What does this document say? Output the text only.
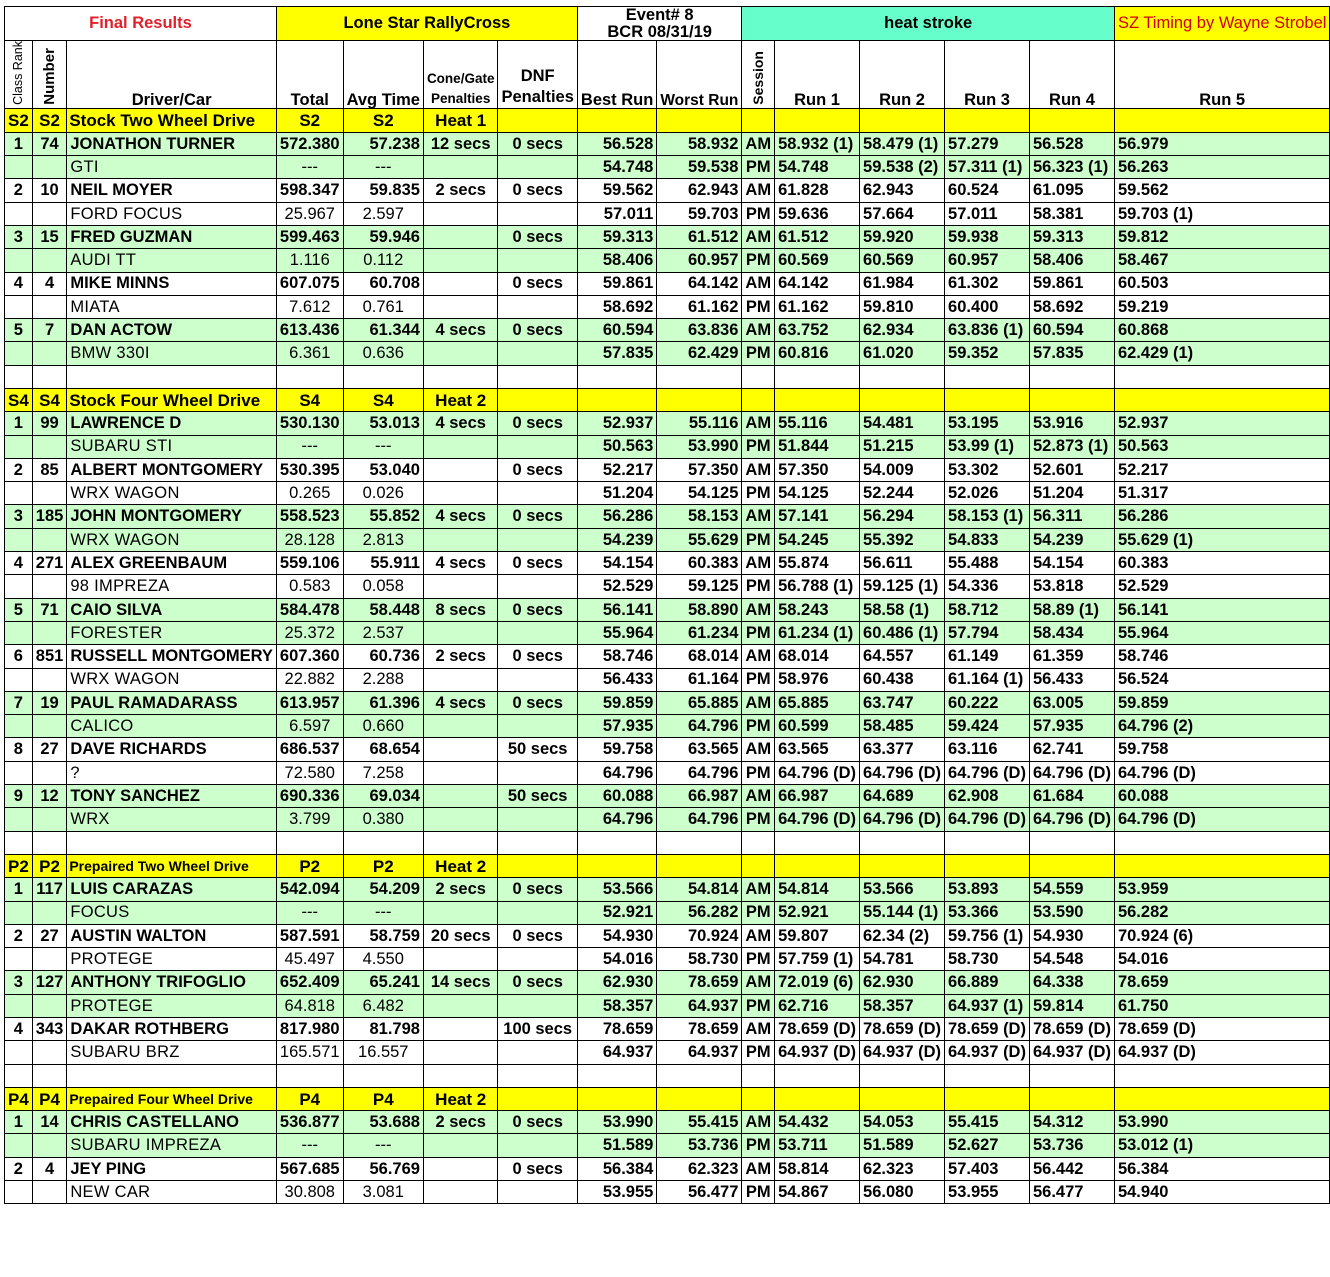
Final Results			Lone Star RallyCross				Event# 8
BCR 08/31/19		heat stroke					SZ Timing by Wayne Strobel
Class Rank	Number	Driver/Car	Total	Avg Time	Cone/Gate Penalties	DNF Penalties	Best Run	Worst Run	Session	Run 1	Run 2	Run 3	Run 4	Run 5
S2	S2	Stock Two Wheel Drive	S2	S2	Heat 1									
1	74	JONATHON TURNER	572.380	57.238	12 secs	0 secs	56.528	58.932	AM	58.932 (1)	58.479 (1)	57.279	56.528	56.979
		GTI	---	---			54.748	59.538	PM	54.748	59.538 (2)	57.311 (1)	56.323 (1)	56.263
2	10	NEIL MOYER	598.347	59.835	2 secs	0 secs	59.562	62.943	AM	61.828	62.943	60.524	61.095	59.562
		FORD FOCUS	25.967	2.597			57.011	59.703	PM	59.636	57.664	57.011	58.381	59.703 (1)
3	15	FRED GUZMAN	599.463	59.946		0 secs	59.313	61.512	AM	61.512	59.920	59.938	59.313	59.812
		AUDI TT	1.116	0.112			58.406	60.957	PM	60.569	60.569	60.957	58.406	58.467
4	4	MIKE MINNS	607.075	60.708		0 secs	59.861	64.142	AM	64.142	61.984	61.302	59.861	60.503
		MIATA	7.612	0.761			58.692	61.162	PM	61.162	59.810	60.400	58.692	59.219
5	7	DAN ACTOW	613.436	61.344	4 secs	0 secs	60.594	63.836	AM	63.752	62.934	63.836 (1)	60.594	60.868
		BMW 330I	6.361	0.636			57.835	62.429	PM	60.816	61.020	59.352	57.835	62.429 (1)

S4	S4	Stock Four Wheel Drive	S4	S4	Heat 2									
1	99	LAWRENCE D	530.130	53.013	4 secs	0 secs	52.937	55.116	AM	55.116	54.481	53.195	53.916	52.937
		SUBARU STI	---	---			50.563	53.990	PM	51.844	51.215	53.99 (1)	52.873 (1)	50.563
2	85	ALBERT MONTGOMERY	530.395	53.040		0 secs	52.217	57.350	AM	57.350	54.009	53.302	52.601	52.217
		WRX WAGON	0.265	0.026			51.204	54.125	PM	54.125	52.244	52.026	51.204	51.317
3	185	JOHN MONTGOMERY	558.523	55.852	4 secs	0 secs	56.286	58.153	AM	57.141	56.294	58.153 (1)	56.311	56.286
		WRX WAGON	28.128	2.813			54.239	55.629	PM	54.245	55.392	54.833	54.239	55.629 (1)
4	271	ALEX GREENBAUM	559.106	55.911	4 secs	0 secs	54.154	60.383	AM	55.874	56.611	55.488	54.154	60.383
		98 IMPREZA	0.583	0.058			52.529	59.125	PM	56.788 (1)	59.125 (1)	54.336	53.818	52.529
5	71	CAIO SILVA	584.478	58.448	8 secs	0 secs	56.141	58.890	AM	58.243	58.58 (1)	58.712	58.89 (1)	56.141
		FORESTER	25.372	2.537			55.964	61.234	PM	61.234 (1)	60.486 (1)	57.794	58.434	55.964
6	851	RUSSELL MONTGOMERY	607.360	60.736	2 secs	0 secs	58.746	68.014	AM	68.014	64.557	61.149	61.359	58.746
		WRX WAGON	22.882	2.288			56.433	61.164	PM	58.976	60.438	61.164 (1)	56.433	56.524
7	19	PAUL RAMADARASS	613.957	61.396	4 secs	0 secs	59.859	65.885	AM	65.885	63.747	60.222	63.005	59.859
		CALICO	6.597	0.660			57.935	64.796	PM	60.599	58.485	59.424	57.935	64.796 (2)
8	27	DAVE RICHARDS	686.537	68.654		50 secs	59.758	63.565	AM	63.565	63.377	63.116	62.741	59.758
		?	72.580	7.258			64.796	64.796	PM	64.796 (D)	64.796 (D)	64.796 (D)	64.796 (D)	64.796 (D)
9	12	TONY SANCHEZ	690.336	69.034		50 secs	60.088	66.987	AM	66.987	64.689	62.908	61.684	60.088
		WRX	3.799	0.380			64.796	64.796	PM	64.796 (D)	64.796 (D)	64.796 (D)	64.796 (D)	64.796 (D)

P2	P2	Prepaired Two Wheel Drive	P2	P2	Heat 2									
1	117	LUIS CARAZAS	542.094	54.209	2 secs	0 secs	53.566	54.814	AM	54.814	53.566	53.893	54.559	53.959
		FOCUS	---	---			52.921	56.282	PM	52.921	55.144 (1)	53.366	53.590	56.282
2	27	AUSTIN WALTON	587.591	58.759	20 secs	0 secs	54.930	70.924	AM	59.807	62.34 (2)	59.756 (1)	54.930	70.924 (6)
		PROTEGE	45.497	4.550			54.016	58.730	PM	57.759 (1)	54.781	58.730	54.548	54.016
3	127	ANTHONY TRIFOGLIO	652.409	65.241	14 secs	0 secs	62.930	78.659	AM	72.019 (6)	62.930	66.889	64.338	78.659
		PROTEGE	64.818	6.482			58.357	64.937	PM	62.716	58.357	64.937 (1)	59.814	61.750
4	343	DAKAR ROTHBERG	817.980	81.798		100 secs	78.659	78.659	AM	78.659 (D)	78.659 (D)	78.659 (D)	78.659 (D)	78.659 (D)
		SUBARU BRZ	165.571	16.557			64.937	64.937	PM	64.937 (D)	64.937 (D)	64.937 (D)	64.937 (D)	64.937 (D)

P4	P4	Prepaired Four Wheel Drive	P4	P4	Heat 2									
1	14	CHRIS CASTELLANO	536.877	53.688	2 secs	0 secs	53.990	55.415	AM	54.432	54.053	55.415	54.312	53.990
		SUBARU IMPREZA	---	---			51.589	53.736	PM	53.711	51.589	52.627	53.736	53.012 (1)
2	4	JEY PING	567.685	56.769		0 secs	56.384	62.323	AM	58.814	62.323	57.403	56.442	56.384
		NEW CAR	30.808	3.081			53.955	56.477	PM	54.867	56.080	53.955	56.477	54.940
